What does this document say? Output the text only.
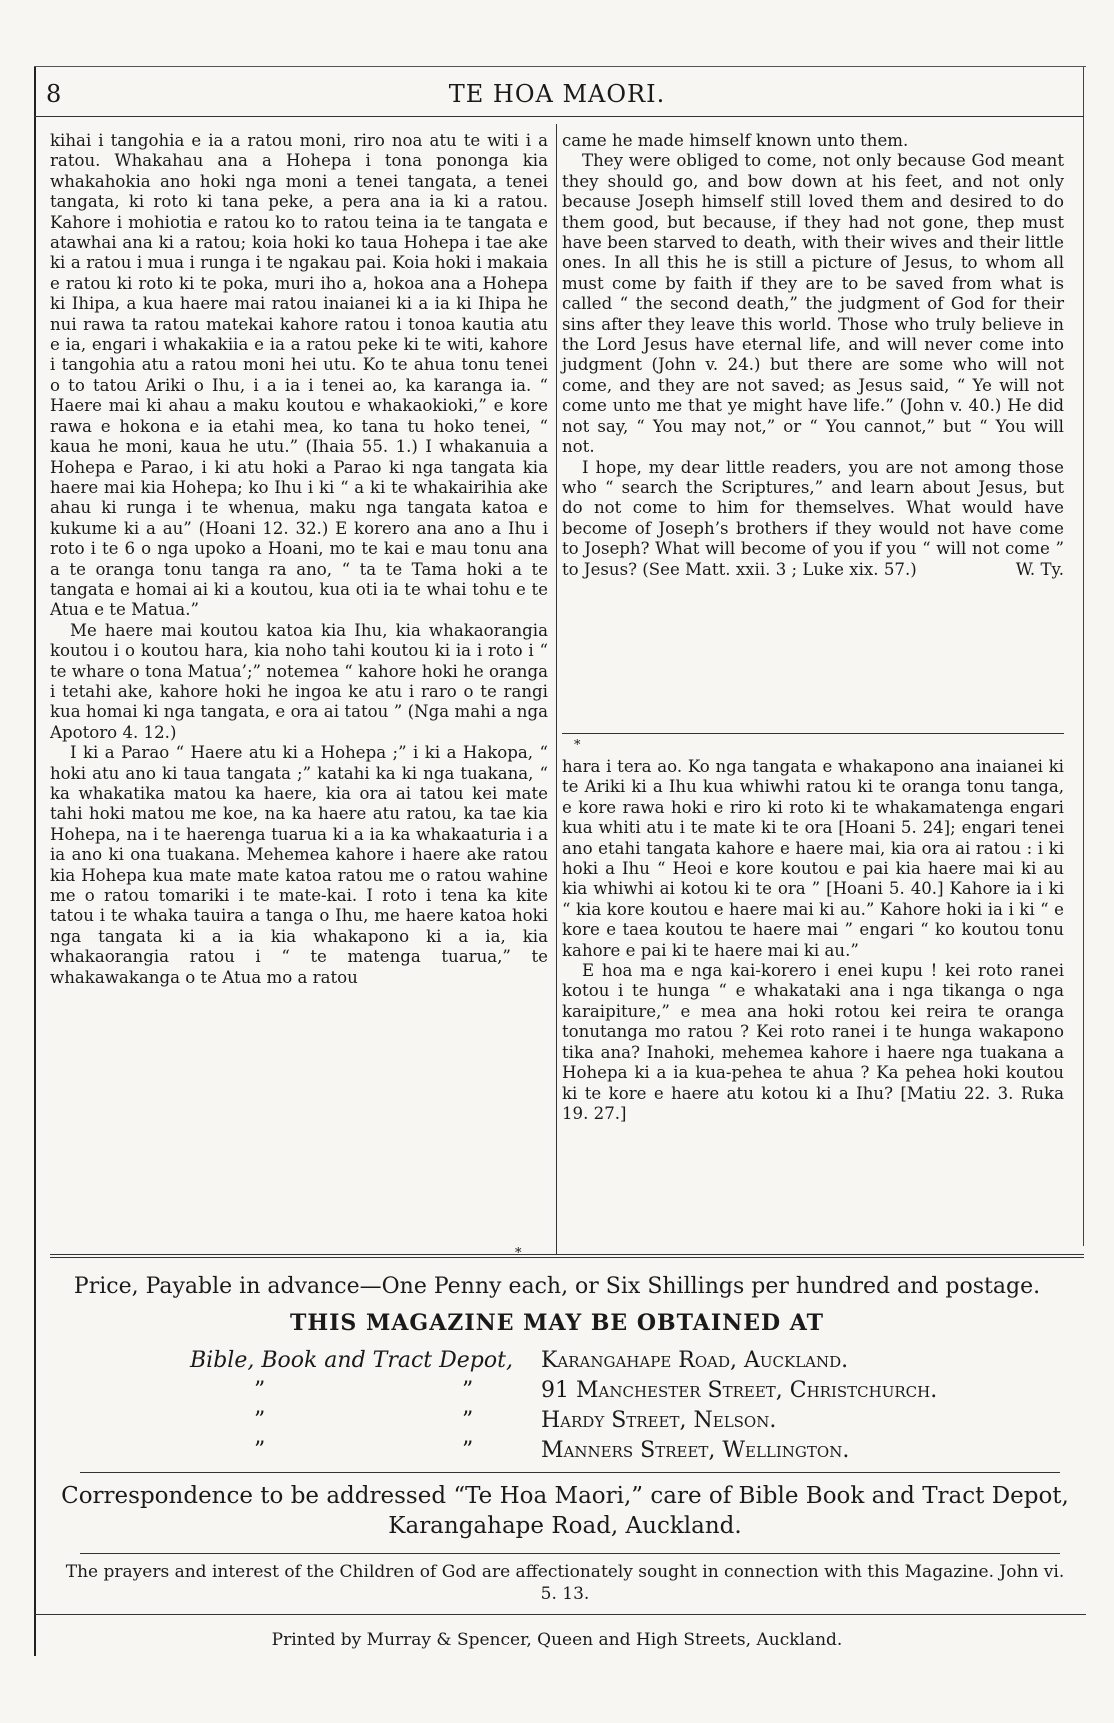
8	TE HOA MAORI.

kihai i tangohia e ia a ratou moni, riro noa atu te witi i a ratou. Whakahau ana a Hohepa i tona pononga kia whakahokia ano hoki nga moni a tenei tangata, a tenei tangata, ki roto ki tana peke, a pera ana ia ki a ratou. Kahore i mohiotia e ratou ko to ratou teina ia te tangata e atawhai ana ki a ratou; koia hoki ko taua Hohepa i tae ake ki a ratou i mua i runga i te ngakau pai. Koia hoki i makaia e ratou ki roto ki te poka, muri iho a, hokoa ana a Hohepa ki Ihipa, a kua haere mai ratou inaianei ki a ia ki Ihipa he nui rawa ta ratou matekai kahore ratou i tonoa kautia atu e ia, engari i whakakiia e ia a ratou peke ki te witi, kahore i tangohia atu a ratou moni hei utu. Ko te ahua tonu tenei o to tatou Ariki o Ihu, i a ia i tenei ao, ka karanga ia. “ Haere mai ki ahau a maku koutou e whakaokioki,” e kore rawa e hokona e ia etahi mea, ko tana tu hoko tenei, “ kaua he moni, kaua he utu.” (Ihaia 55. 1.) I whakanuia a Hohepa e Parao, i ki atu hoki a Parao ki nga tangata kia haere mai kia Hohepa; ko Ihu i ki “ a ki te whakairihia ake ahau ki runga i te whenua, maku nga tangata katoa e kukume ki a au” (Hoani 12. 32.) E korero ana ano a Ihu i roto i te 6 o nga upoko a Hoani, mo te kai e mau tonu ana a te oranga tonu tanga ra ano, “ ta te Tama hoki a te tangata e homai ai ki a koutou, kua oti ia te whai tohu e te Atua e te Matua.”

Me haere mai koutou katoa kia Ihu, kia whakaorangia koutou i o koutou hara, kia noho tahi koutou ki ia i roto i “ te whare o tona Matua’;” notemea “ kahore hoki he oranga i tetahi ake, kahore hoki he ingoa ke atu i raro o te rangi kua homai ki nga tangata, e ora ai tatou ” (Nga mahi a nga Apotoro 4. 12.)

I ki a Parao “ Haere atu ki a Hohepa ;” i ki a Hakopa, “ hoki atu ano ki taua tangata ;” katahi ka ki nga tuakana, “ ka whakatika matou ka haere, kia ora ai tatou kei mate tahi hoki matou me koe, na ka haere atu ratou, ka tae kia Hohepa, na i te haerenga tuarua ki a ia ka whakaaturia i a ia ano ki ona tuakana. Mehemea kahore i haere ake ratou kia Hohepa kua mate mate katoa ratou me o ratou wahine me o ratou tomariki i te mate-kai. I roto i tena ka kite tatou i te whaka tauira a tanga o Ihu, me haere katoa hoki nga tangata ki a ia kia whakapono ki a ia, kia whakaorangia ratou i “ te matenga tuarua,” te whakawakanga o te Atua mo a ratou

came he made himself known unto them.

They were obliged to come, not only because God meant they should go, and bow down at his feet, and not only because Joseph himself still loved them and desired to do them good, but because, if they had not gone, thep must have been starved to death, with their wives and their little ones. In all this he is still a picture of Jesus, to whom all must come by faith if they are to be saved from what is called “ the second death,” the judgment of God for their sins after they leave this world. Those who truly believe in the Lord Jesus have eternal life, and will never come into judgment (John v. 24.) but there are some who will not come, and they are not saved; as Jesus said, “ Ye will not come unto me that ye might have life.” (John v. 40.) He did not say, “ You may not,” or “ You cannot,” but “ You will not.

I hope, my dear little readers, you are not among those who “ search the Scriptures,” and learn about Jesus, but do not come to him for themselves. What would have become of Joseph’s brothers if they would not have come to Joseph? What will become of you if you “ will not come ” to Jesus? (See Matt. xxii. 3 ; Luke xix. 57.)	W. Ty.

*

hara i tera ao. Ko nga tangata e whakapono ana inaianei ki te Ariki ki a Ihu kua whiwhi ratou ki te oranga tonu tanga, e kore rawa hoki e riro ki roto ki te whakamatenga engari kua whiti atu i te mate ki te ora [Hoani 5. 24]; engari tenei ano etahi tangata kahore e haere mai, kia ora ai ratou : i ki hoki a Ihu “ Heoi e kore koutou e pai kia haere mai ki au kia whiwhi ai kotou ki te ora ” [Hoani 5. 40.] Kahore ia i ki “ kia kore koutou e haere mai ki au.” Kahore hoki ia i ki “ e kore e taea koutou te haere mai ” engari “ ko koutou tonu kahore e pai ki te haere mai ki au.”

E hoa ma e nga kai-korero i enei kupu ! kei roto ranei kotou i te hunga “ e whakataki ana i nga tikanga o nga karaipiture,” e mea ana hoki rotou kei reira te oranga tonutanga mo ratou ? Kei roto ranei i te hunga wakapono tika ana? Inahoki, mehemea kahore i haere nga tuakana a Hohepa ki a ia kua-pehea te ahua ? Ka pehea hoki koutou ki te kore e haere atu kotou ki a Ihu? [Matiu 22. 3. Ruka 19. 27.]

Price, Payable in advance—One Penny each, or Six Shillings per hundred and postage.
THIS MAGAZINE MAY BE OBTAINED AT
Bible, Book and Tract Depot,	Karangahape Road, Auckland.
”	”	91 Manchester Street, Christchurch.
”	”	Hardy Street, Nelson.
”	”	Manners Street, Wellington.
Correspondence to be addressed “Te Hoa Maori,” care of Bible Book and Tract Depot, Karangahape Road, Auckland.
The prayers and interest of the Children of God are affectionately sought in connection with this Magazine. John vi. 5. 13.
Printed by Murray & Spencer, Queen and High Streets, Auckland.
